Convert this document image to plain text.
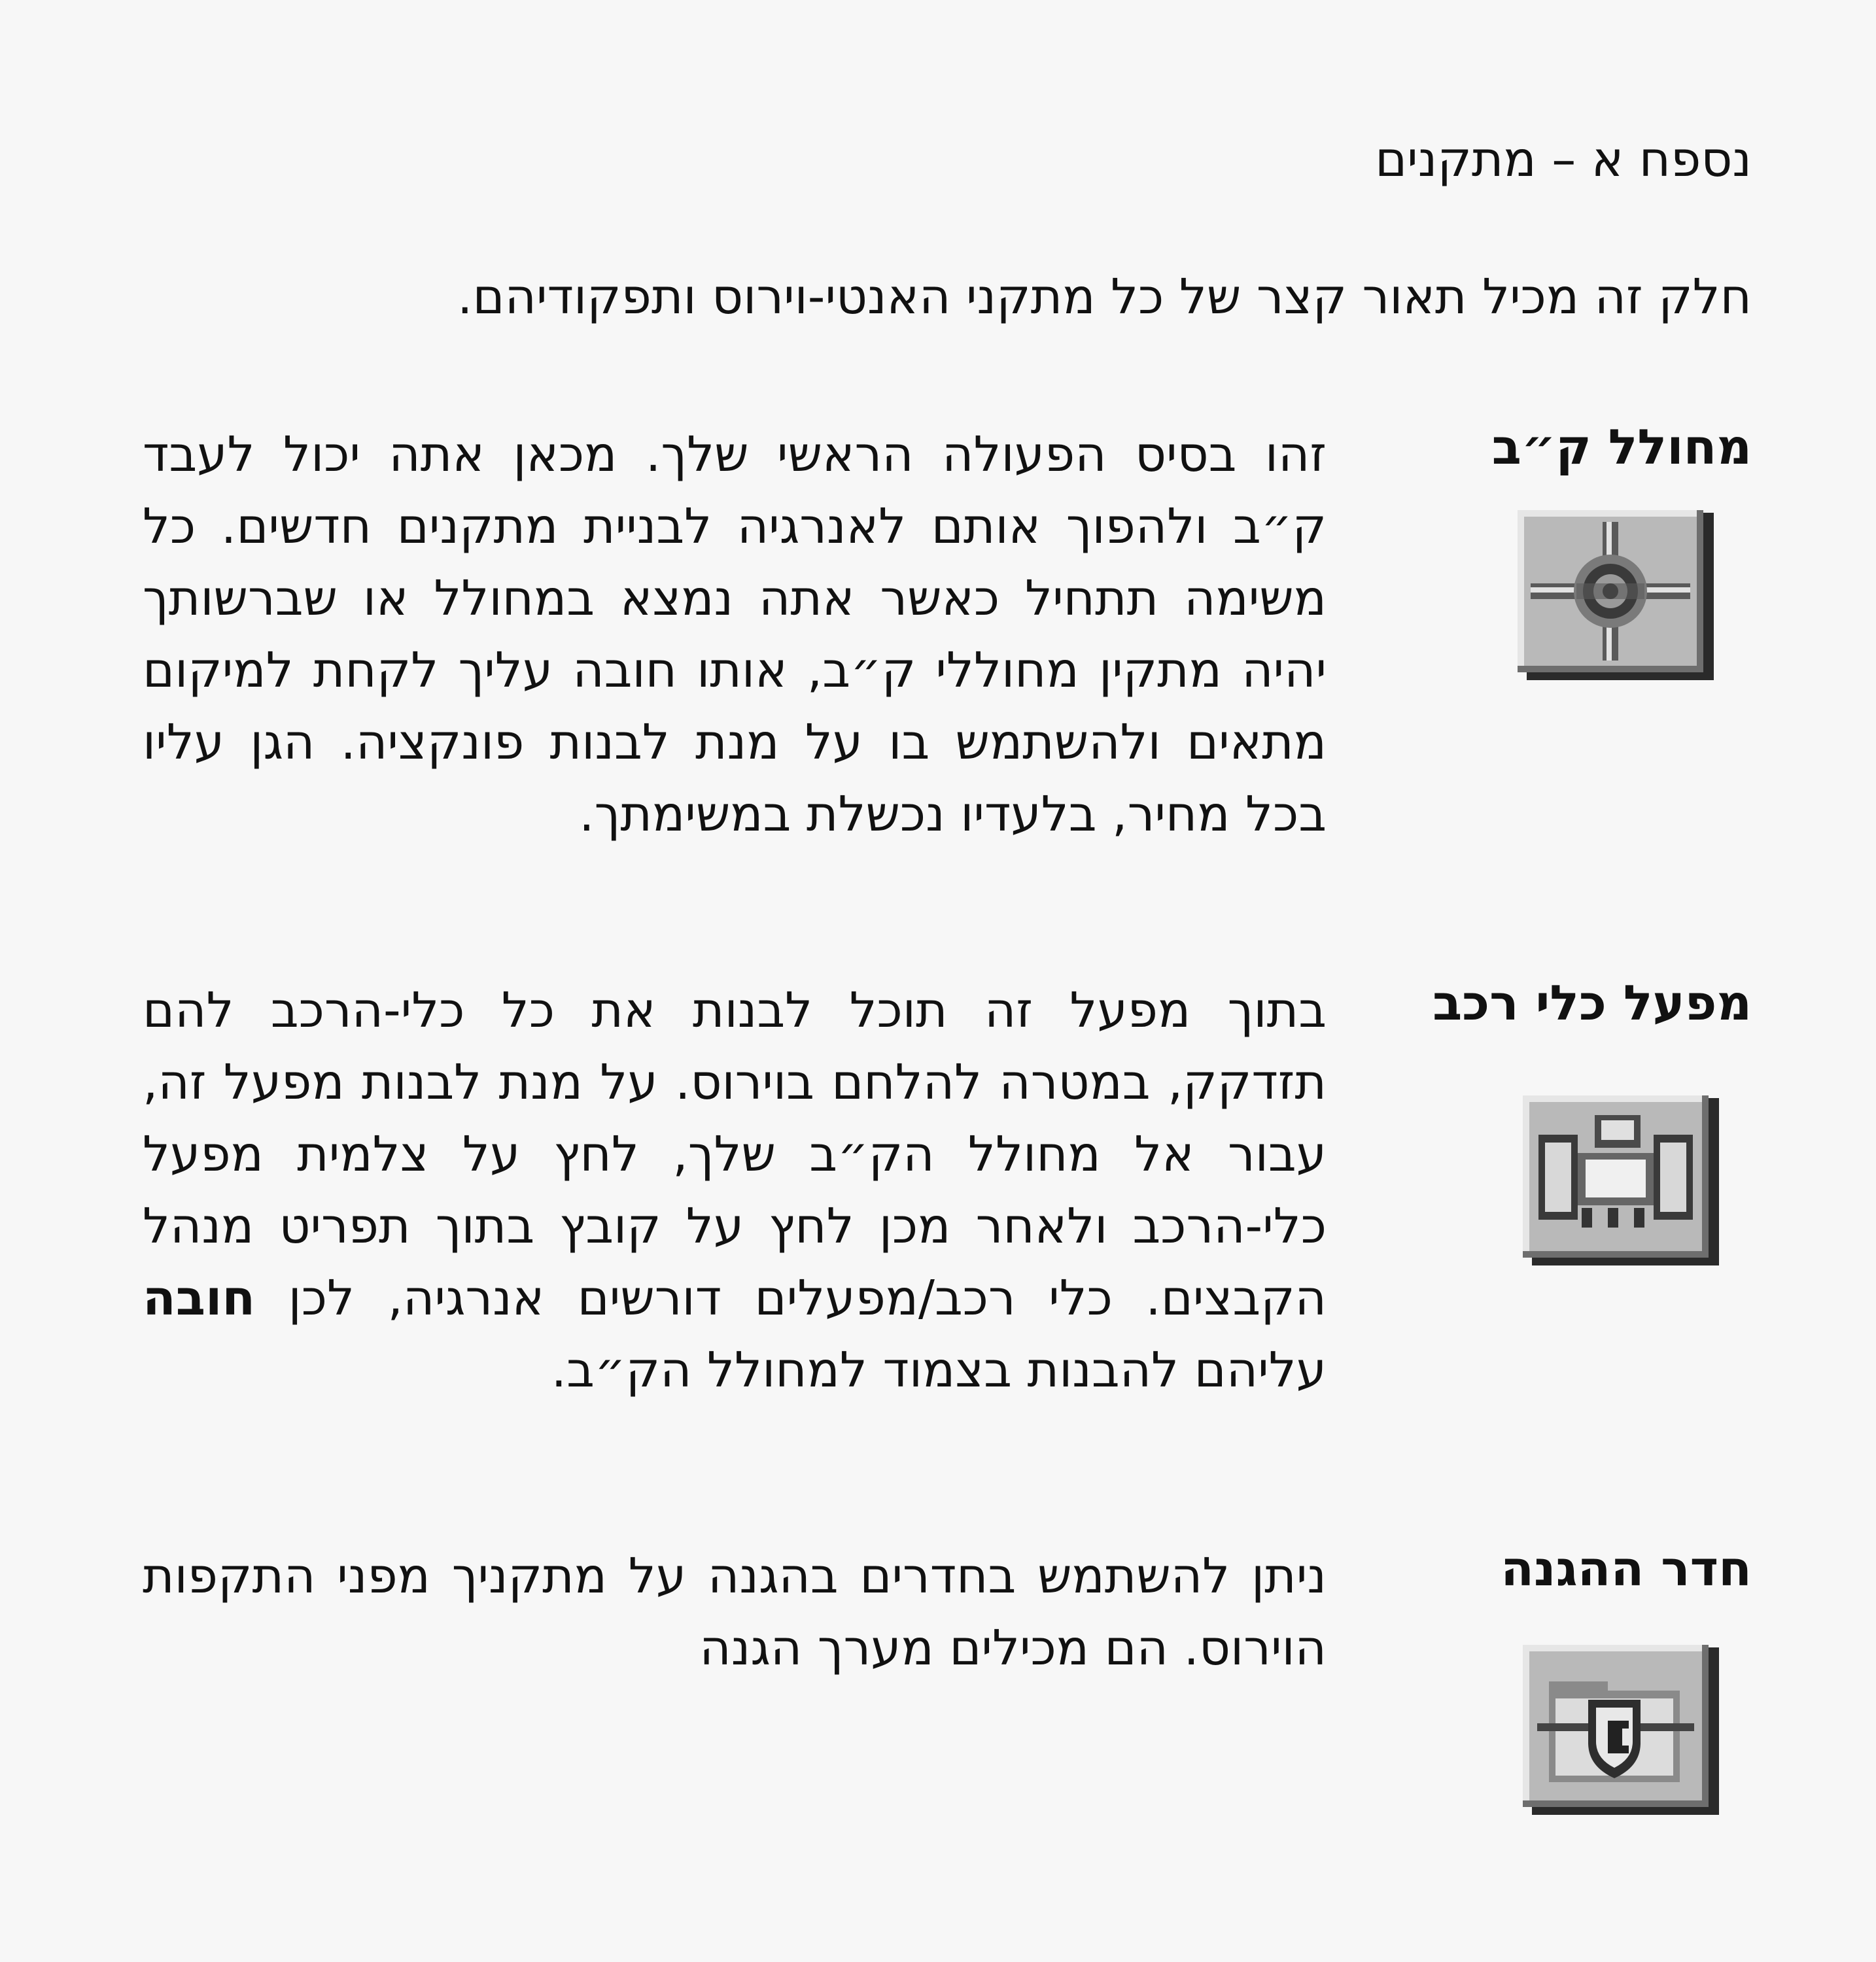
נספח א – מתקנים
חלק זה מכיל תאור קצר של כל מתקני האנטי-וירוס ותפקודיהם.
מחולל ק״ב
זהו בסיס הפעולה הראשי שלך. מכאן אתה יכול לעבד ק״ב ולהפוך אותם לאנרגיה לבניית מתקנים חדשים. כל משימה תתחיל כאשר אתה נמצא במחולל או שברשותך יהיה מתקין מחוללי ק״ב, אותו חובה עליך לקחת למיקום מתאים ולהשתמש בו על מנת לבנות פונקציה. הגן עליו בכל מחיר, בלעדיו נכשלת במשימתך.
מפעל כלי רכב
בתוך מפעל זה תוכל לבנות את כל כלי-הרכב להם תזדקק, במטרה להלחם בוירוס. על מנת לבנות מפעל זה, עבור אל מחולל הק״ב שלך, לחץ על צלמית מפעל כלי-הרכב ולאחר מכן לחץ על קובץ בתוך תפריט מנהל הקבצים. כלי רכב/מפעלים דורשים אנרגיה, לכן חובה עליהם להבנות בצמוד למחולל הק״ב.
חדר ההגנה
ניתן להשתמש בחדרים בהגנה על מתקניך מפני התקפות הוירוס. הם מכילים מערך הגנה
